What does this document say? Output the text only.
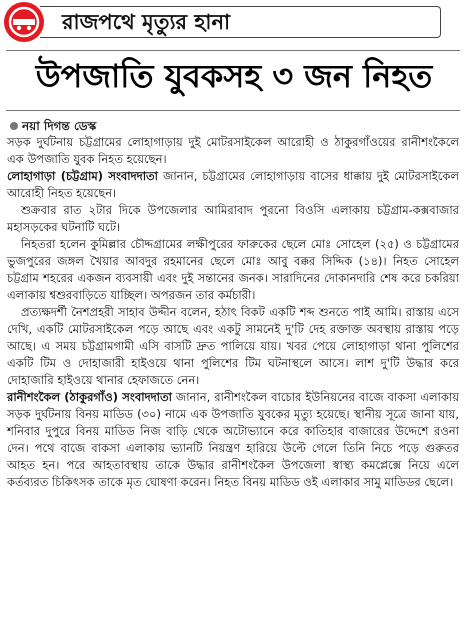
রাজপথে মৃত্যুর হানা
উপজাতি যুবকসহ ৩ জন নিহত
নয়া দিগন্ত ডেস্ক

সড়ক দুর্ঘটনায় চট্টগ্রামের লোহাগাড়ায় দুই মোটরসাইকেল আরোহী ও ঠাকুরগাঁওয়ের রানীশংকৈলে এক উপজাতি যুবক নিহত হয়েছেন।

লোহাগাড়া (চট্টগ্রাম) সংবাদদাতা জানান, চট্টগ্রামের লোহাগাড়ায় বাসের ধাক্কায় দুই মোটরসাইকেল আরোহী নিহত হয়েছেন।

শুক্রবার রাত ২টার দিকে উপজেলার আমিরাবাদ পুরনো বিওসি এলাকায় চট্টগ্রাম-কক্সবাজার মহাসড়কের ঘটনাটি ঘটে।

নিহতরা হলেন কুমিল্লার চৌদ্দগ্রামের লক্ষীপুরের ফারুকের ছেলে মোঃ সোহেল (২৫) ও চট্টগ্রামের ভুজপুরের জঙ্গল খৈয়ার আবদুর রহমানের ছেলে মোঃ আবু বক্কর সিদ্দিক (১৪)। নিহত সোহেল চট্টগ্রাম শহরের একজন ব্যবসায়ী এবং দুই সন্তানের জনক। সারাদিনের দোকানদারি শেষ করে চকরিয়া এলাকায় শ্বশুরবাড়িতে যাচ্ছিল। অপরজন তার কর্মচারী।

প্রত্যক্ষদর্শী নৈশপ্রহরী সাহাব উদ্দীন বলেন, হঠাৎ বিকট একটি শব্দ শুনতে পাই আমি। রাস্তায় এসে দেখি, একটি মোটরসাইকেল পড়ে আছে এবং একটু সামনেই দু'টি দেহ রক্তাক্ত অবস্থায় রাস্তায় পড়ে আছে। এ সময় চট্টগ্রামগামী এসি বাসটি দ্রুত পালিয়ে যায়। খবর পেয়ে লোহাগাড়া থানা পুলিশের একটি টিম ও দোহাজারী হাইওয়ে থানা পুলিশের টিম ঘটনাস্থলে আসে। লাশ দু'টি উদ্ধার করে দোহাজারি হাইওয়ে থানার হেফাজতে নেন।

রানীশংকৈল (ঠাকুরগাঁও) সংবাদদাতা জানান, রানীশংকৈল বাচোর ইউনিয়নের বাজে বাকসা এলাকায় সড়ক দুর্ঘটনায় বিনয় মাডিড (৩০) নামে এক উপজাতি যুবকের মৃত্যু হয়েছে। স্থানীয় সূত্রে জানা যায়, শনিবার দুপুরে বিনয় মাডিড নিজ বাড়ি থেকে অটোভ্যানে করে কাতিহার বাজারের উদ্দেশে রওনা দেন। পথে বাজে বাকসা এলাকায় ভ্যানটি নিয়ন্ত্রণ হারিয়ে উল্টে গেলে তিনি নিচে পড়ে গুরুতর আহত হন। পরে আহতাবস্থায় তাকে উদ্ধার রানীশংকৈল উপজেলা স্বাস্থ্য কমপ্লেক্সে নিয়ে এলে কর্তব্যরত চিকিৎসক তাকে মৃত ঘোষণা করেন। নিহত বিনয় মাডিড ওই এলাকার সামু মাডিডর ছেলে।
